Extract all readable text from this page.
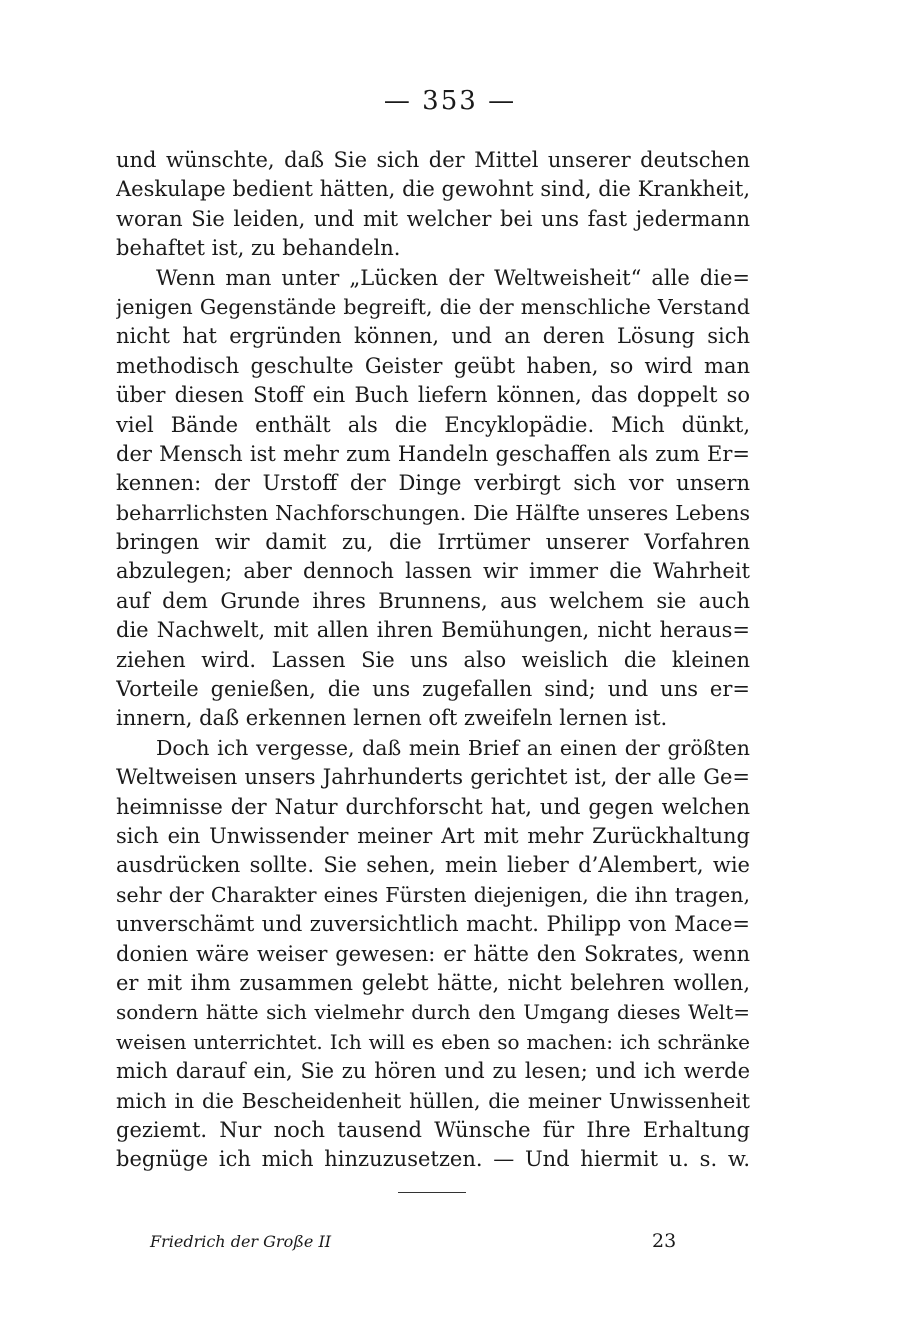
— 353 —
und wünschte, daß Sie sich der Mittel unserer deutschen
Aeskulape bedient hätten, die gewohnt sind, die Krankheit,
woran Sie leiden, und mit welcher bei uns fast jedermann
behaftet ist, zu behandeln.
Wenn man unter „Lücken der Weltweisheit“ alle die=
jenigen Gegenstände begreift, die der menschliche Verstand
nicht hat ergründen können, und an deren Lösung sich
methodisch geschulte Geister geübt haben, so wird man
über diesen Stoff ein Buch liefern können, das doppelt so
viel Bände enthält als die Encyklopädie. Mich dünkt,
der Mensch ist mehr zum Handeln geschaffen als zum Er=
kennen: der Urstoff der Dinge verbirgt sich vor unsern
beharrlichsten Nachforschungen. Die Hälfte unseres Lebens
bringen wir damit zu, die Irrtümer unserer Vorfahren
abzulegen; aber dennoch lassen wir immer die Wahrheit
auf dem Grunde ihres Brunnens, aus welchem sie auch
die Nachwelt, mit allen ihren Bemühungen, nicht heraus=
ziehen wird. Lassen Sie uns also weislich die kleinen
Vorteile genießen, die uns zugefallen sind; und uns er=
innern, daß erkennen lernen oft zweifeln lernen ist.
Doch ich vergesse, daß mein Brief an einen der größten
Weltweisen unsers Jahrhunderts gerichtet ist, der alle Ge=
heimnisse der Natur durchforscht hat, und gegen welchen
sich ein Unwissender meiner Art mit mehr Zurückhaltung
ausdrücken sollte. Sie sehen, mein lieber d’Alembert, wie
sehr der Charakter eines Fürsten diejenigen, die ihn tragen,
unverschämt und zuversichtlich macht. Philipp von Mace=
donien wäre weiser gewesen: er hätte den Sokrates, wenn
er mit ihm zusammen gelebt hätte, nicht belehren wollen,
sondern hätte sich vielmehr durch den Umgang dieses Welt=
weisen unterrichtet. Ich will es eben so machen: ich schränke
mich darauf ein, Sie zu hören und zu lesen; und ich werde
mich in die Bescheidenheit hüllen, die meiner Unwissenheit
geziemt. Nur noch tausend Wünsche für Ihre Erhaltung
begnüge ich mich hinzuzusetzen. — Und hiermit u. s. w.
Friedrich der Große II	23
